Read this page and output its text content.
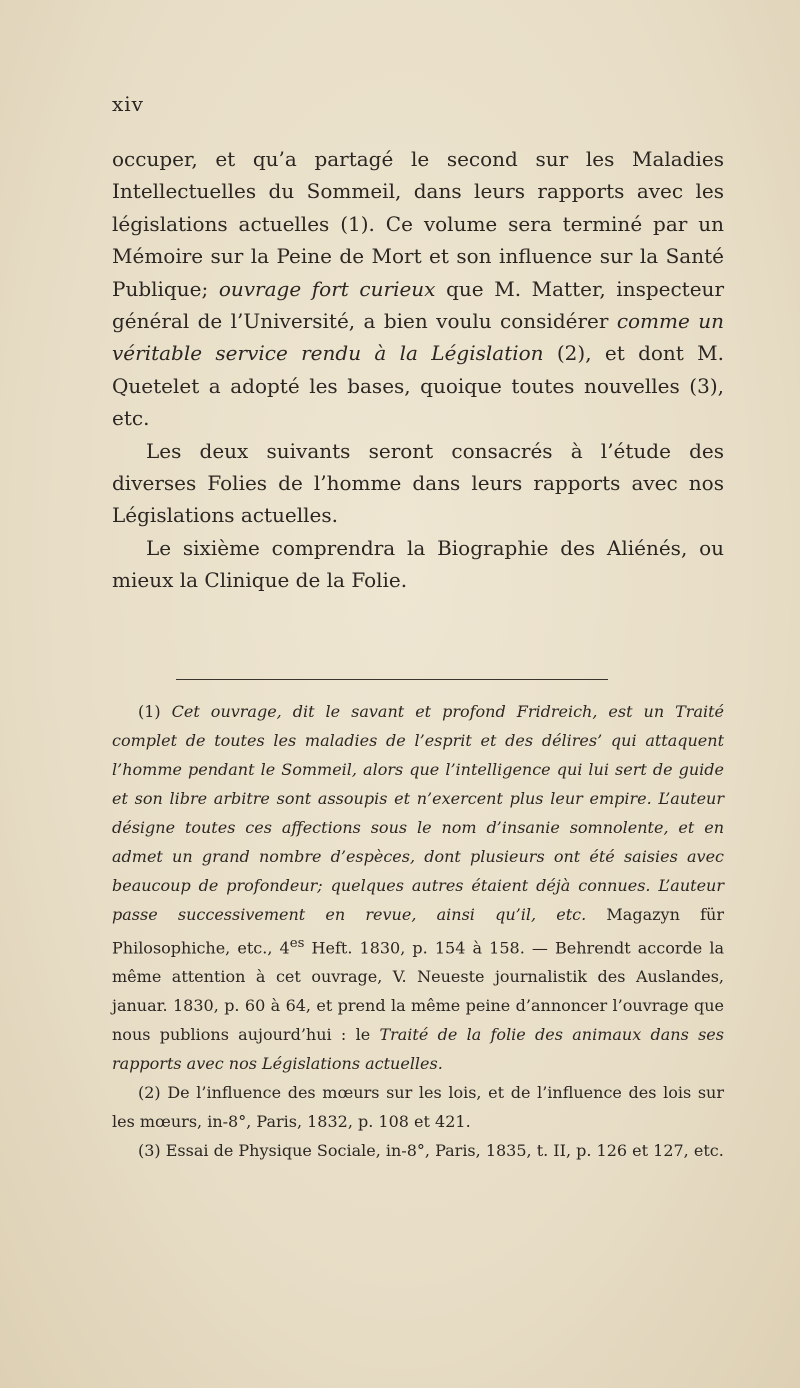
xiv

occuper, et qu’a partagé le second sur les Maladies Intellectuelles du Sommeil, dans leurs rapports avec les législations actuelles (1). Ce volume sera terminé par un Mémoire sur la Peine de Mort et son influence sur la Santé Publique; ouvrage fort curieux que M. Matter, inspecteur général de l’Université, a bien voulu considérer comme un véritable service rendu à la Législation (2), et dont M. Quetelet a adopté les bases, quoique toutes nouvelles (3), etc.

Les deux suivants seront consacrés à l’étude des diverses Folies de l’homme dans leurs rapports avec nos Législations actuelles.

Le sixième comprendra la Biographie des Aliénés, ou mieux la Clinique de la Folie.

(1) Cet ouvrage, dit le savant et profond Fridreich, est un Traité complet de toutes les maladies de l’esprit et des délires’ qui attaquent l’homme pendant le Sommeil, alors que l’intelligence qui lui sert de guide et son libre arbitre sont assoupis et n’exercent plus leur empire. L’auteur désigne toutes ces affections sous le nom d’insanie somnolente, et en admet un grand nombre d’espèces, dont plusieurs ont été saisies avec beaucoup de profondeur; quelques autres étaient déjà connues. L’auteur passe successivement en revue, ainsi qu’il, etc. Magazyn für Philosophiche, etc., $4^{es}$ Heft. 1830, p. 154 à 158. — Behrendt accorde la même attention à cet ouvrage, V. Neueste journalistik des Auslandes, januar. 1830, p. 60 à 64, et prend la même peine d’annoncer l’ouvrage que nous publions aujourd’hui : le Traité de la folie des animaux dans ses rapports avec nos Législations actuelles.

(2) De l’influence des mœurs sur les lois, et de l’influence des lois sur les mœurs, in-8°, Paris, 1832, p. 108 et 421.

(3) Essai de Physique Sociale, in-8°, Paris, 1835, t. II, p. 126 et 127, etc.
